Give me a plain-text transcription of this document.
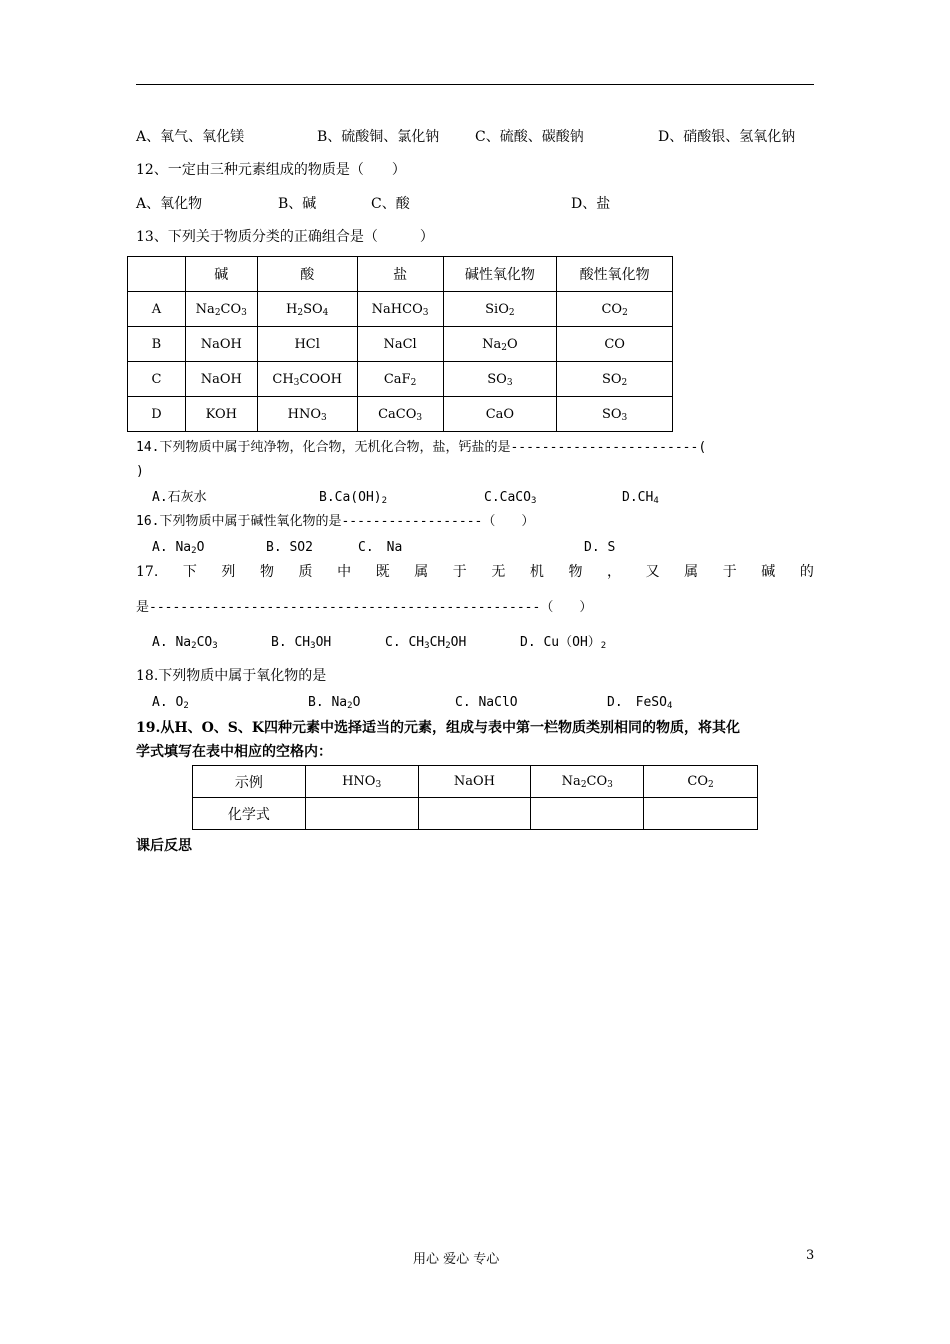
A、氧气、氧化镁	B、硫酸铜、氯化钠	C、硫酸、碳酸钠	D、硝酸银、氢氧化钠
12、一定由三种元素组成的物质是（　　）
A、氧化物	B、碱	C、酸	D、盐
13、下列关于物质分类的正确组合是（　　　）
	碱	酸	盐	碱性氧化物	酸性氧化物
A	$Na_2CO_3$	$H_2SO_4$	NaHCO$_3$	SiO$_2$	$CO_2$
B	NaOH	HCl	NaCl	$Na_2O$	CO
C	NaOH	$CH_3COOH$	CaF$_2$	$SO_3$	$SO_2$
D	KOH	$HNO_3$	CaCO$_3$	CaO	$SO_3$
14.下列物质中属于纯净物，化合物，无机化合物，盐，钙盐的是------------------------(
)
A.石灰水	$B.Ca(OH)_2$	C.CaCO$_3$	$D.CH_4$
16.下列物质中属于碱性氧化物的是------------------（　　）
A. $Na_2O$	B. SO2	C.　Na	D. S
17. 下 列 物 质 中 既 属 于 无 机 物 ， 又 属 于 碱 的
是--------------------------------------------------（　　）
A. $Na_2CO_3$	B. $CH_3OH$	C. $CH_3CH_2OH$	D. $Cu(OH)_2$
18.下列物质中属于氧化物的是
A. $O_2$	B. $Na_2O$	C. NaClO	D.　FeSO$_4$
19.从H、O、S、K四种元素中选择适当的元素，组成与表中第一栏物质类别相同的物质，将其化
学式填写在表中相应的空格内：
示例	$HNO_3$	NaOH	$Na_2CO_3$	$CO_2$
化学式				
课后反思
用心 爱心 专心	3
